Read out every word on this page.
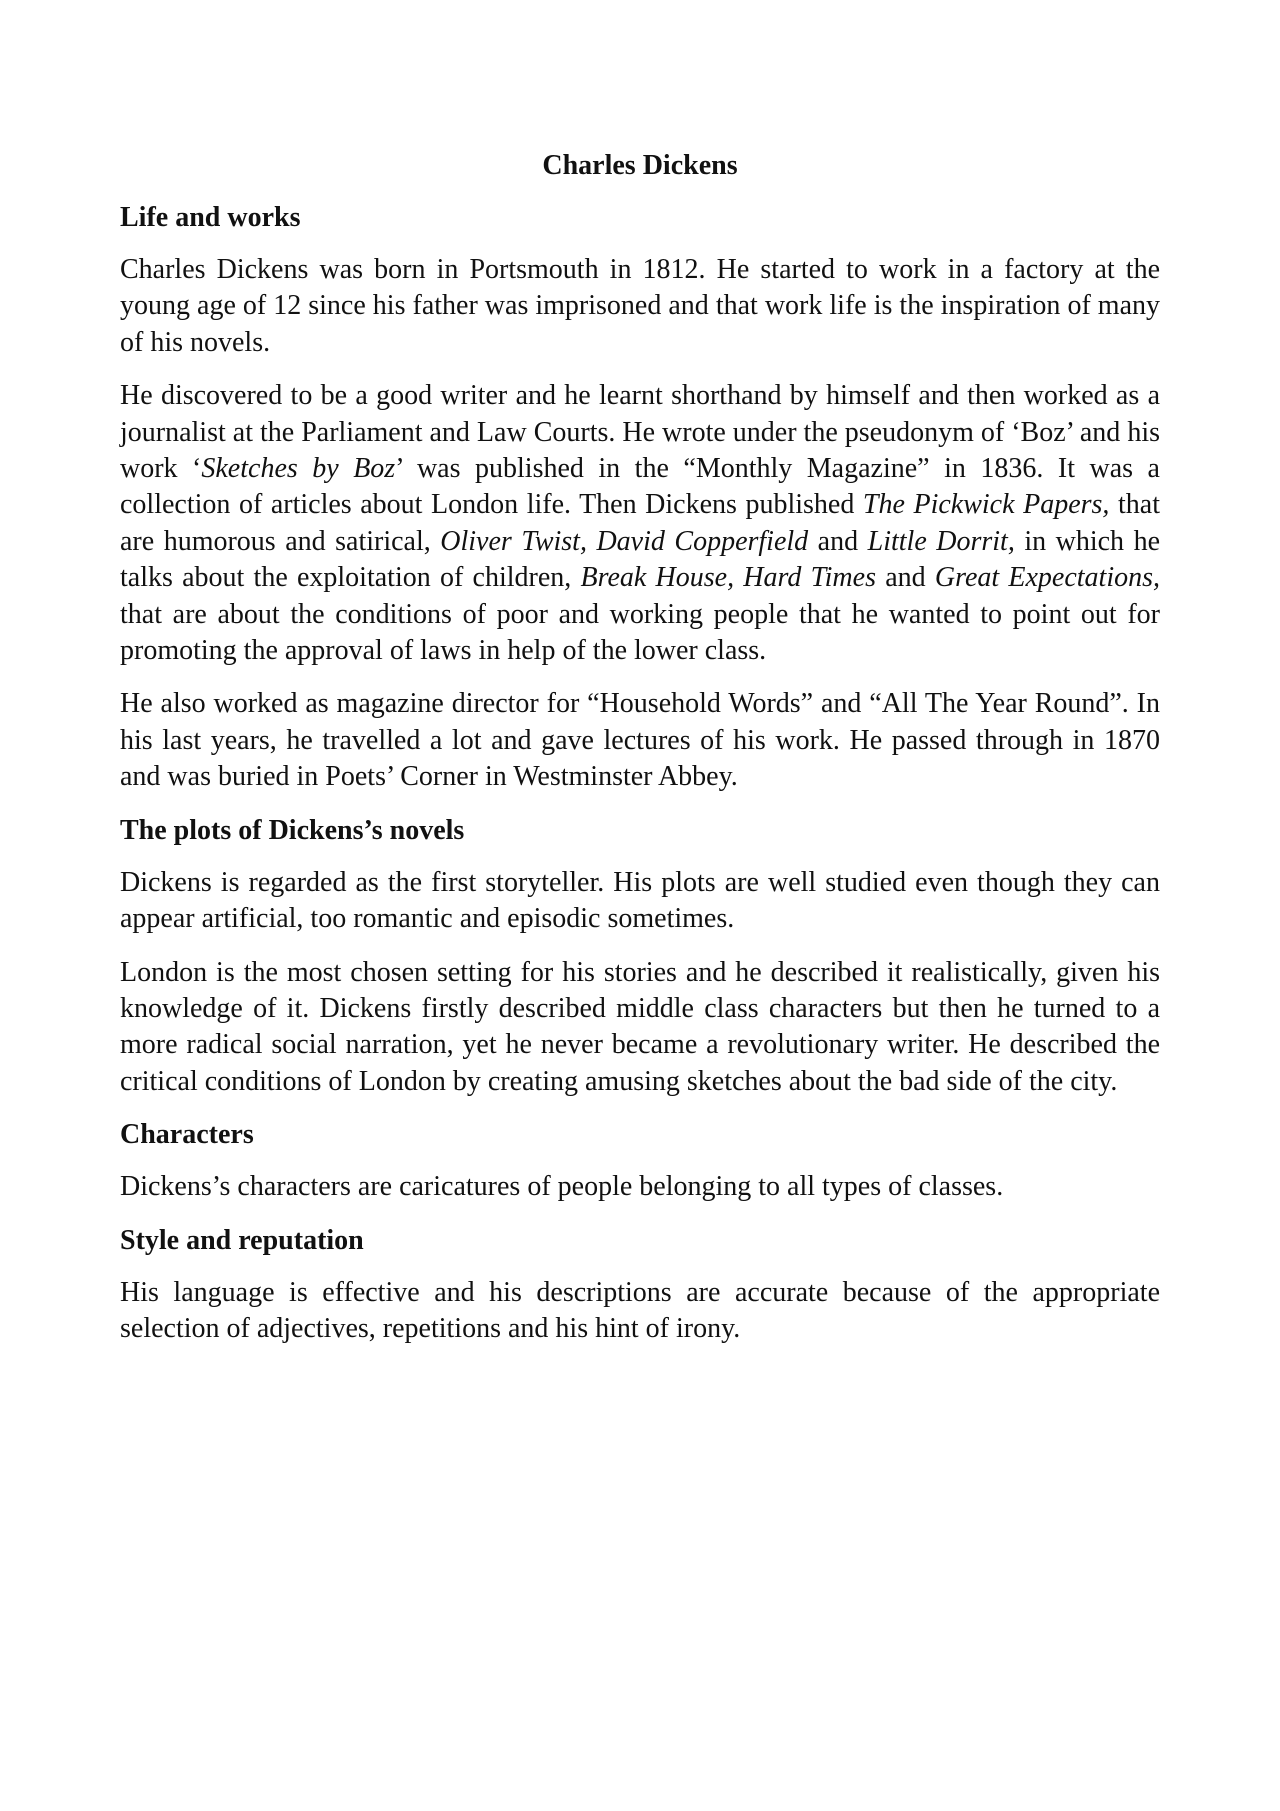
Charles Dickens
Life and works

Charles Dickens was born in Portsmouth in 1812. He started to work in a factory at the young age of 12 since his father was imprisoned and that work life is the inspiration of many of his novels.

He discovered to be a good writer and he learnt shorthand by himself and then worked as a journalist at the Parliament and Law Courts. He wrote under the pseudonym of ‘Boz’ and his work ‘Sketches by Boz’ was published in the “Monthly Magazine” in 1836. It was a collection of articles about London life. Then Dickens published The Pickwick Papers, that are humorous and satirical, Oliver Twist, David Copperfield and Little Dorrit, in which he talks about the exploitation of children, Break House, Hard Times and Great Expectations, that are about the conditions of poor and working people that he wanted to point out for promoting the approval of laws in help of the lower class.

He also worked as magazine director for “Household Words” and “All The Year Round”. In his last years, he travelled a lot and gave lectures of his work. He passed through in 1870 and was buried in Poets’ Corner in Westminster Abbey.

The plots of Dickens’s novels

Dickens is regarded as the first storyteller. His plots are well studied even though they can appear artificial, too romantic and episodic sometimes.

London is the most chosen setting for his stories and he described it realistically, given his knowledge of it. Dickens firstly described middle class characters but then he turned to a more radical social narration, yet he never became a revolutionary writer. He described the critical conditions of London by creating amusing sketches about the bad side of the city.

Characters

Dickens’s characters are caricatures of people belonging to all types of classes.

Style and reputation

His language is effective and his descriptions are accurate because of the appropriate selection of adjectives, repetitions and his hint of irony.
